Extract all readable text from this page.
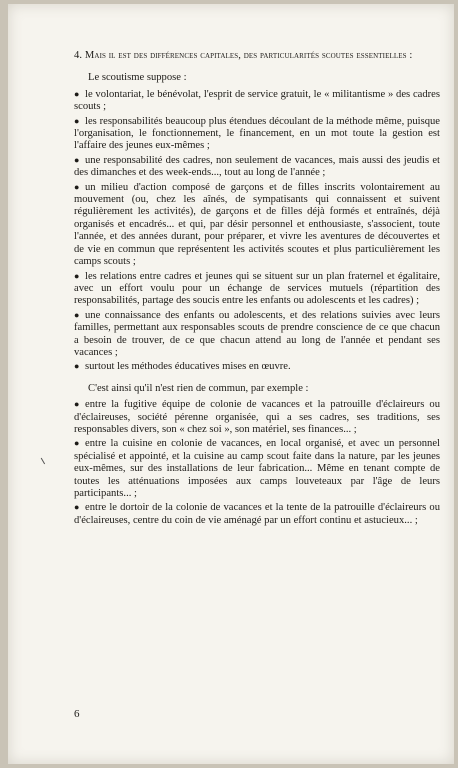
4. Mais il est des différences capitales, des particularités scoutes essentielles :

Le scoutisme suppose :

● le volontariat, le bénévolat, l'esprit de service gratuit, le « militantisme » des cadres scouts ;
● les responsabilités beaucoup plus étendues découlant de la méthode même, puisque l'organisation, le fonctionnement, le financement, en un mot toute la gestion est l'affaire des jeunes eux-mêmes ;
● une responsabilité des cadres, non seulement de vacances, mais aussi des jeudis et des dimanches et des week-ends..., tout au long de l'année ;
● un milieu d'action composé de garçons et de filles inscrits volontairement au mouvement (ou, chez les aînés, de sympatisants qui connaissent et suivent régulièrement les activités), de garçons et de filles déjà formés et entraînés, déjà organisés et encadrés... et qui, par désir personnel et enthousiaste, s'associent, toute l'année, et des années durant, pour préparer, et vivre les aventures de découvertes et de vie en commun que représentent les activités scoutes et plus particulièrement les camps scouts ;
● les relations entre cadres et jeunes qui se situent sur un plan fraternel et égalitaire, avec un effort voulu pour un échange de services mutuels (répartition des responsabilités, partage des soucis entre les enfants ou adolescents et les cadres) ;
● une connaissance des enfants ou adolescents, et des relations suivies avec leurs familles, permettant aux responsables scouts de prendre conscience de ce que chacun a besoin de trouver, de ce que chacun attend au long de l'année et pendant ses vacances ;
● surtout les méthodes éducatives mises en œuvre.

C'est ainsi qu'il n'est rien de commun, par exemple :

● entre la fugitive équipe de colonie de vacances et la patrouille d'éclaireurs ou d'éclaireuses, société pérenne organisée, qui a ses cadres, ses traditions, ses responsables divers, son « chez soi », son matériel, ses finances... ;
● entre la cuisine en colonie de vacances, en local organisé, et avec un personnel spécialisé et appointé, et la cuisine au camp scout faite dans la nature, par les jeunes eux-mêmes, sur des installations de leur fabrication... Même en tenant compte de toutes les atténuations imposées aux camps louveteaux par l'âge de leurs participants... ;
● entre le dortoir de la colonie de vacances et la tente de la patrouille d'éclaireurs ou d'éclaireuses, centre du coin de vie aménagé par un effort continu et astucieux... ;
6
